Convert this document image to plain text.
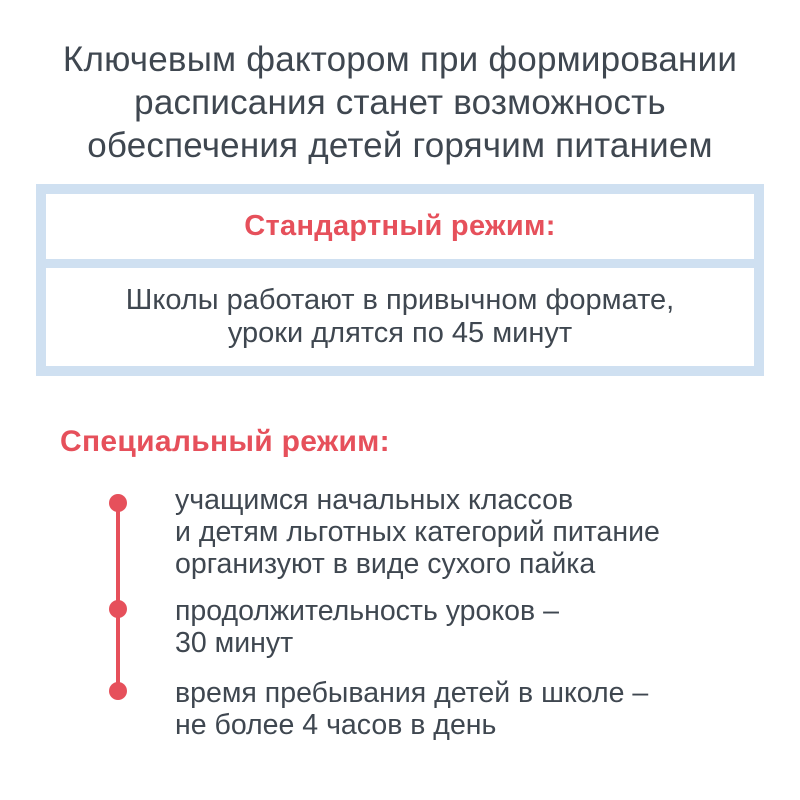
Ключевым фактором при формировании
расписания станет возможность
обеспечения детей горячим питанием
Стандартный режим:
Школы работают в привычном формате,
уроки длятся по 45 минут
Специальный режим:
учащимся начальных классов
и детям льготных категорий питание
организуют в виде сухого пайка
продолжительность уроков –
30 минут
время пребывания детей в школе –
не более 4 часов в день
